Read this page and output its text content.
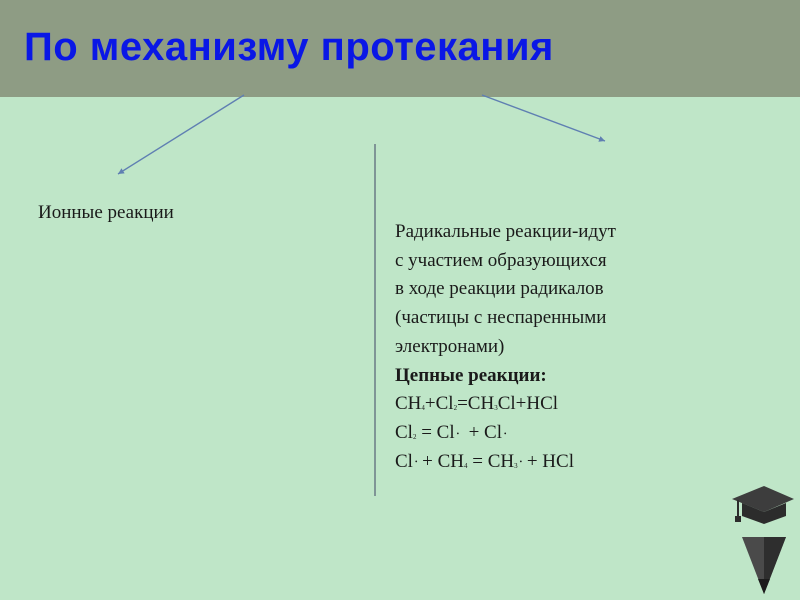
По механизму протекания
Ионные реакции
Радикальные реакции-идут
с участием образующихся
в ходе реакции радикалов
(частицы с неспаренными
электронами)
Цепные реакции:
$CH_4+Cl_2=CH_3Cl+HCl$
$Cl_2 = Cl$ •  + Cl •
Cl • + $CH_4 = CH_3$ • + HCl
